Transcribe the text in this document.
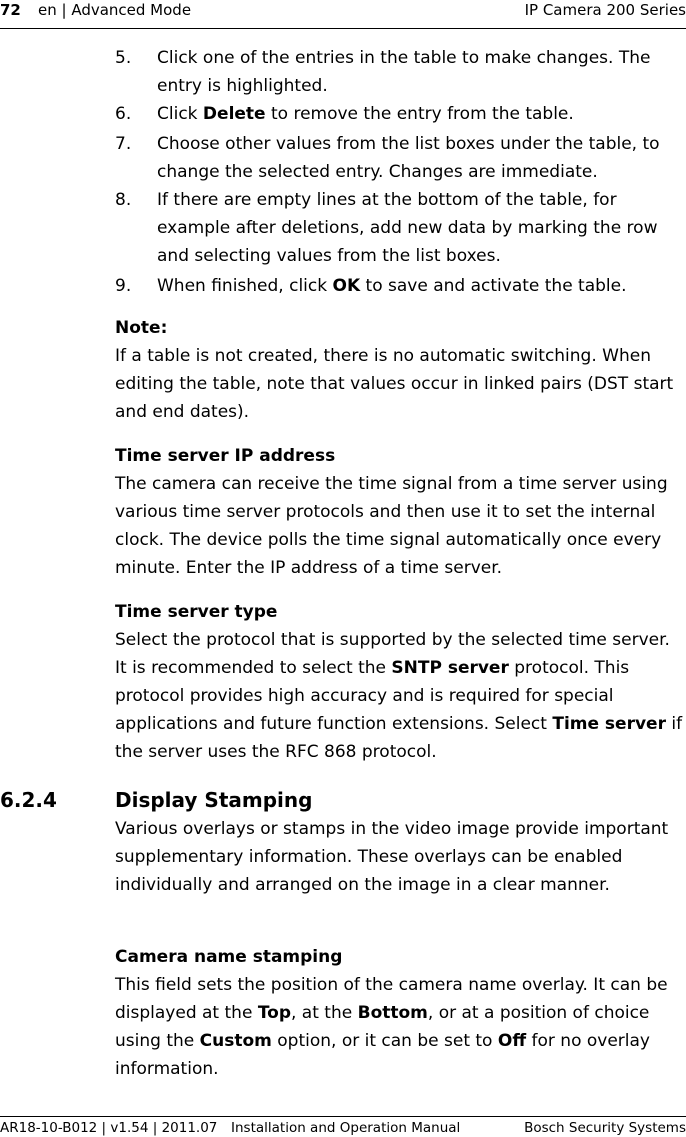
72 en | Advanced Mode	IP Camera 200 Series
5. Click one of the entries in the table to make changes. The entry is highlighted.
6. Click Delete to remove the entry from the table.
7. Choose other values from the list boxes under the table, to change the selected entry. Changes are immediate.
8. If there are empty lines at the bottom of the table, for example after deletions, add new data by marking the row and selecting values from the list boxes.
9. When finished, click OK to save and activate the table.
Note:
If a table is not created, there is no automatic switching. When editing the table, note that values occur in linked pairs (DST start and end dates).
Time server IP address
The camera can receive the time signal from a time server using various time server protocols and then use it to set the internal clock. The device polls the time signal automatically once every minute. Enter the IP address of a time server.
Time server type
Select the protocol that is supported by the selected time server. It is recommended to select the SNTP server protocol. This protocol provides high accuracy and is required for special applications and future function extensions. Select Time server if the server uses the RFC 868 protocol.
6.2.4	Display Stamping
Various overlays or stamps in the video image provide important supplementary information. These overlays can be enabled individually and arranged on the image in a clear manner.
Camera name stamping
This field sets the position of the camera name overlay. It can be displayed at the Top, at the Bottom, or at a position of choice using the Custom option, or it can be set to Off for no overlay information.
AR18-10-B012 | v1.54 | 2011.07 Installation and Operation Manual	Bosch Security Systems
